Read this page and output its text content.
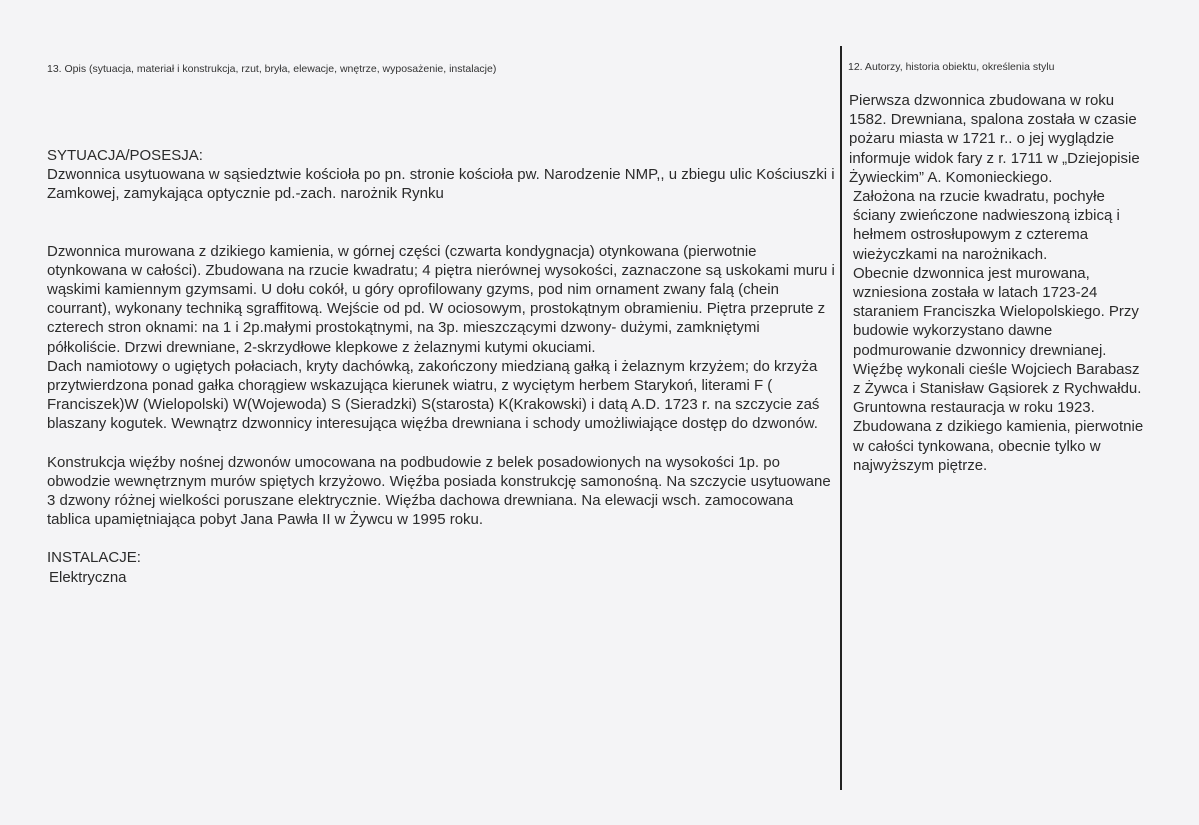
13. Opis (sytuacja, materiał i konstrukcja, rzut, bryła, elewacje, wnętrze, wyposażenie, instalacje)	12. Autorzy, historia obiektu, określenia stylu

SYTUACJA/POSESJA:

Dzwonnica usytuowana w sąsiedztwie kościoła po pn. stronie kościoła pw. Narodzenie NMP,, u zbiegu ulic Kościuszki i Zamkowej, zamykająca optycznie pd.-zach. narożnik Rynku

Dzwonnica murowana z dzikiego kamienia, w górnej części (czwarta kondygnacja) otynkowana (pierwotnie otynkowana w całości). Zbudowana na rzucie kwadratu; 4 piętra nierównej wysokości, zaznaczone są uskokami muru i wąskimi kamiennym gzymsami. U dołu cokół, u góry oprofilowany gzyms, pod nim ornament zwany falą (chein courrant), wykonany techniką sgraffitową. Wejście od pd. W ociosowym, prostokątnym obramieniu. Piętra przeprute z czterech stron oknami: na 1 i 2p.małymi prostokątnymi, na 3p. mieszczącymi dzwony- dużymi, zamkniętymi półkoliście. Drzwi drewniane, 2-skrzydłowe klepkowe z żelaznymi kutymi okuciami.

Dach namiotowy o ugiętych połaciach, kryty dachówką, zakończony miedzianą gałką i żelaznym krzyżem; do krzyża przytwierdzona ponad gałka chorągiew wskazująca kierunek wiatru, z wyciętym herbem Starykoń, literami F ( Franciszek)W (Wielopolski) W(Wojewoda) S (Sieradzki) S(starosta) K(Krakowski) i datą A.D. 1723 r. na szczycie zaś blaszany kogutek. Wewnątrz dzwonnicy interesująca więźba drewniana i schody umożliwiające dostęp do dzwonów.

Konstrukcja więźby nośnej dzwonów umocowana na podbudowie z belek posadowionych na wysokości 1p. po obwodzie wewnętrznym murów spiętych krzyżowo. Więźba posiada konstrukcję samonośną. Na szczycie usytuowane 3 dzwony różnej wielkości poruszane elektrycznie. Więźba dachowa drewniana. Na elewacji wsch. zamocowana tablica upamiętniająca pobyt Jana Pawła II w Żywcu w 1995 roku.

INSTALACJE:

Elektryczna

Pierwsza dzwonnica zbudowana w roku 1582. Drewniana, spalona została w czasie pożaru miasta w 1721 r.. o jej wyglądzie informuje widok fary z r. 1711 w „Dziejopisie Żywieckim” A. Komonieckiego.

Założona na rzucie kwadratu, pochyłe ściany zwieńczone nadwieszoną izbicą i hełmem ostrosłupowym z czterema wieżyczkami na narożnikach.

Obecnie dzwonnica jest murowana, wzniesiona została w latach 1723-24 staraniem Franciszka Wielopolskiego. Przy budowie wykorzystano dawne podmurowanie dzwonnicy drewnianej. Więźbę wykonali cieśle Wojciech Barabasz z Żywca i Stanisław Gąsiorek z Rychwałdu. Gruntowna restauracja w roku 1923. Zbudowana z dzikiego kamienia, pierwotnie w całości tynkowana, obecnie tylko w najwyższym piętrze.
